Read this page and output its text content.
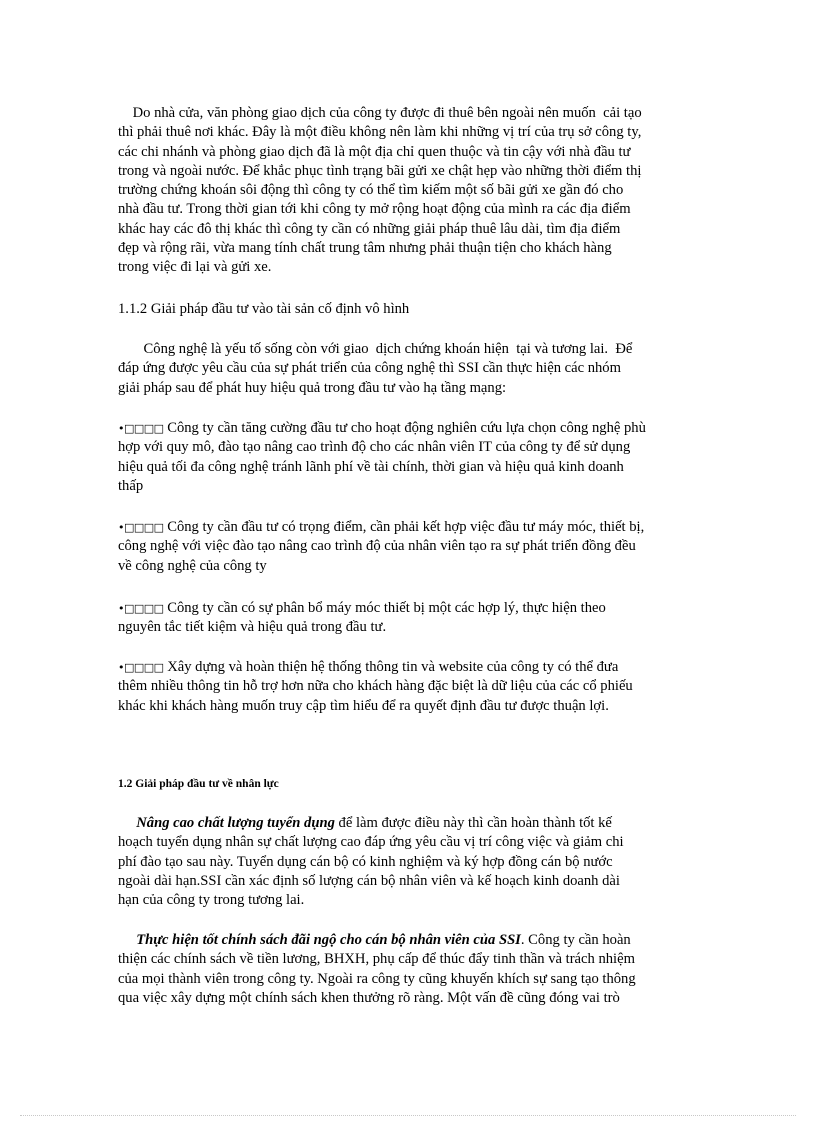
Do nhà cửa, văn phòng giao dịch của công ty được đi thuê bên ngoài nên muốn  cải tạo
thì phải thuê nơi khác. Đây là một điều không nên làm khi những vị trí của trụ sở công ty,
các chi nhánh và phòng giao dịch đã là một địa chỉ quen thuộc và tin cậy với nhà đầu tư
trong và ngoài nước. Để khắc phục tình trạng bãi gửi xe chật hẹp vào những thời điểm thị
trường chứng khoán sôi động thì công ty có thể tìm kiếm một số bãi gửi xe gần đó cho
nhà đầu tư. Trong thời gian tới khi công ty mở rộng hoạt động của mình ra các địa điểm
khác hay các đô thị khác thì công ty cần có những giải pháp thuê lâu dài, tìm địa điểm
đẹp và rộng rãi, vừa mang tính chất trung tâm nhưng phải thuận tiện cho khách hàng
trong việc đi lại và gửi xe.
1.1.2 Giải pháp đầu tư vào tài sản cố định vô hình
Công nghệ là yếu tố sống còn với giao  dịch chứng khoán hiện  tại và tương lai.  Để
đáp ứng được yêu cầu của sự phát triển của công nghệ thì SSI cần thực hiện các nhóm
giải pháp sau để phát huy hiệu quả trong đầu tư vào hạ tầng mạng:
•□□□□ Công ty cần tăng cường đầu tư cho hoạt động nghiên cứu lựa chọn công nghệ phù
hợp với quy mô, đào tạo nâng cao trình độ cho các nhân viên IT của công ty để sử dụng
hiệu quả tối đa công nghệ tránh lãnh phí về tài chính, thời gian và hiệu quả kinh doanh
thấp
•□□□□ Công ty cần đầu tư có trọng điểm, cần phải kết hợp việc đầu tư máy móc, thiết bị,
công nghệ với việc đào tạo nâng cao trình độ của nhân viên tạo ra sự phát triển đồng đều
về công nghệ của công ty
•□□□□ Công ty cần có sự phân bổ máy móc thiết bị một các hợp lý, thực hiện theo
nguyên tắc tiết kiệm và hiệu quả trong đầu tư.
•□□□□ Xây dựng và hoàn thiện hệ thống thông tin và website của công ty có thể đưa
thêm nhiều thông tin hỗ trợ hơn nữa cho khách hàng đặc biệt là dữ liệu của các cổ phiếu
khác khi khách hàng muốn truy cập tìm hiểu để ra quyết định đầu tư được thuận lợi.
1.2 Giải pháp đầu tư về nhân lực
Nâng cao chất lượng tuyển dụng để làm được điều này thì cần hoàn thành tốt kế
hoạch tuyển dụng nhân sự chất lượng cao đáp ứng yêu cầu vị trí công việc và giảm chi
phí đào tạo sau này. Tuyển dụng cán bộ có kinh nghiệm và ký hợp đồng cán bộ nước
ngoài dài hạn.SSI cần xác định số lượng cán bộ nhân viên và kế hoạch kinh doanh dài
hạn của công ty trong tương lai.
Thực hiện tốt chính sách đãi ngộ cho cán bộ nhân viên của SSI. Công ty cần hoàn
thiện các chính sách về tiền lương, BHXH, phụ cấp để thúc đẩy tinh thần và trách nhiệm
của mọi thành viên trong công ty. Ngoài ra công ty cũng khuyến khích sự sang tạo thông
qua việc xây dựng một chính sách khen thưởng rõ ràng. Một vấn đề cũng đóng vai trò
